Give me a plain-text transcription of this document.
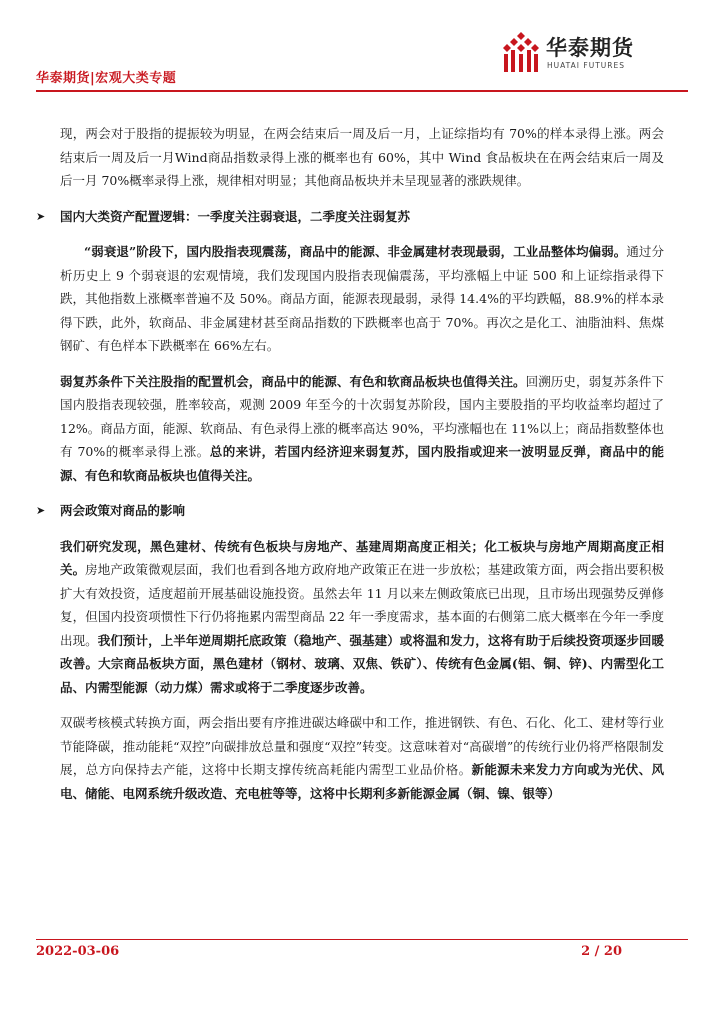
华泰期货|宏观大类专题
华泰期货
HUATAI FUTURES

现，两会对于股指的提振较为明显，在两会结束后一周及后一月，上证综指均有 70%的样本录得上涨。两会结束后一周及后一月Wind商品指数录得上涨的概率也有 60%，其中 Wind 食品板块在在两会结束后一周及后一月 70%概率录得上涨，规律相对明显；其他商品板块并未呈现显著的涨跌规律。

➤ 国内大类资产配置逻辑：一季度关注弱衰退，二季度关注弱复苏

“弱衰退”阶段下，国内股指表现震荡，商品中的能源、非金属建材表现最弱，工业品整体均偏弱。通过分析历史上 9 个弱衰退的宏观情境，我们发现国内股指表现偏震荡，平均涨幅上中证 500 和上证综指录得下跌，其他指数上涨概率普遍不及 50%。商品方面，能源表现最弱，录得 14.4%的平均跌幅，88.9%的样本录得下跌，此外，软商品、非金属建材甚至商品指数的下跌概率也高于 70%。再次之是化工、油脂油料、焦煤钢矿、有色样本下跌概率在 66%左右。

弱复苏条件下关注股指的配置机会，商品中的能源、有色和软商品板块也值得关注。回溯历史，弱复苏条件下国内股指表现较强，胜率较高，观测 2009 年至今的十次弱复苏阶段，国内主要股指的平均收益率均超过了 12%。商品方面，能源、软商品、有色录得上涨的概率高达 90%，平均涨幅也在 11%以上；商品指数整体也有 70%的概率录得上涨。总的来讲，若国内经济迎来弱复苏，国内股指或迎来一波明显反弹，商品中的能源、有色和软商品板块也值得关注。

➤ 两会政策对商品的影响

我们研究发现，黑色建材、传统有色板块与房地产、基建周期高度正相关；化工板块与房地产周期高度正相关。房地产政策微观层面，我们也看到各地方政府地产政策正在进一步放松；基建政策方面，两会指出要积极扩大有效投资，适度超前开展基础设施投资。虽然去年 11 月以来左侧政策底已出现，且市场出现强势反弹修复，但国内投资项惯性下行仍将拖累内需型商品 22 年一季度需求，基本面的右侧第二底大概率在今年一季度出现。我们预计，上半年逆周期托底政策（稳地产、强基建）或将温和发力，这将有助于后续投资项逐步回暖改善。大宗商品板块方面，黑色建材（钢材、玻璃、双焦、铁矿）、传统有色金属(铝、铜、锌)、内需型化工品、内需型能源（动力煤）需求或将于二季度逐步改善。

双碳考核模式转换方面，两会指出要有序推进碳达峰碳中和工作，推进钢铁、有色、石化、化工、建材等行业节能降碳，推动能耗“双控”向碳排放总量和强度“双控”转变。这意味着对“高碳增”的传统行业仍将严格限制发展，总方向保持去产能，这将中长期支撑传统高耗能内需型工业品价格。新能源未来发力方向或为光伏、风电、储能、电网系统升级改造、充电桩等等，这将中长期利多新能源金属（铜、镍、银等）

2022-03-06	2 / 20
